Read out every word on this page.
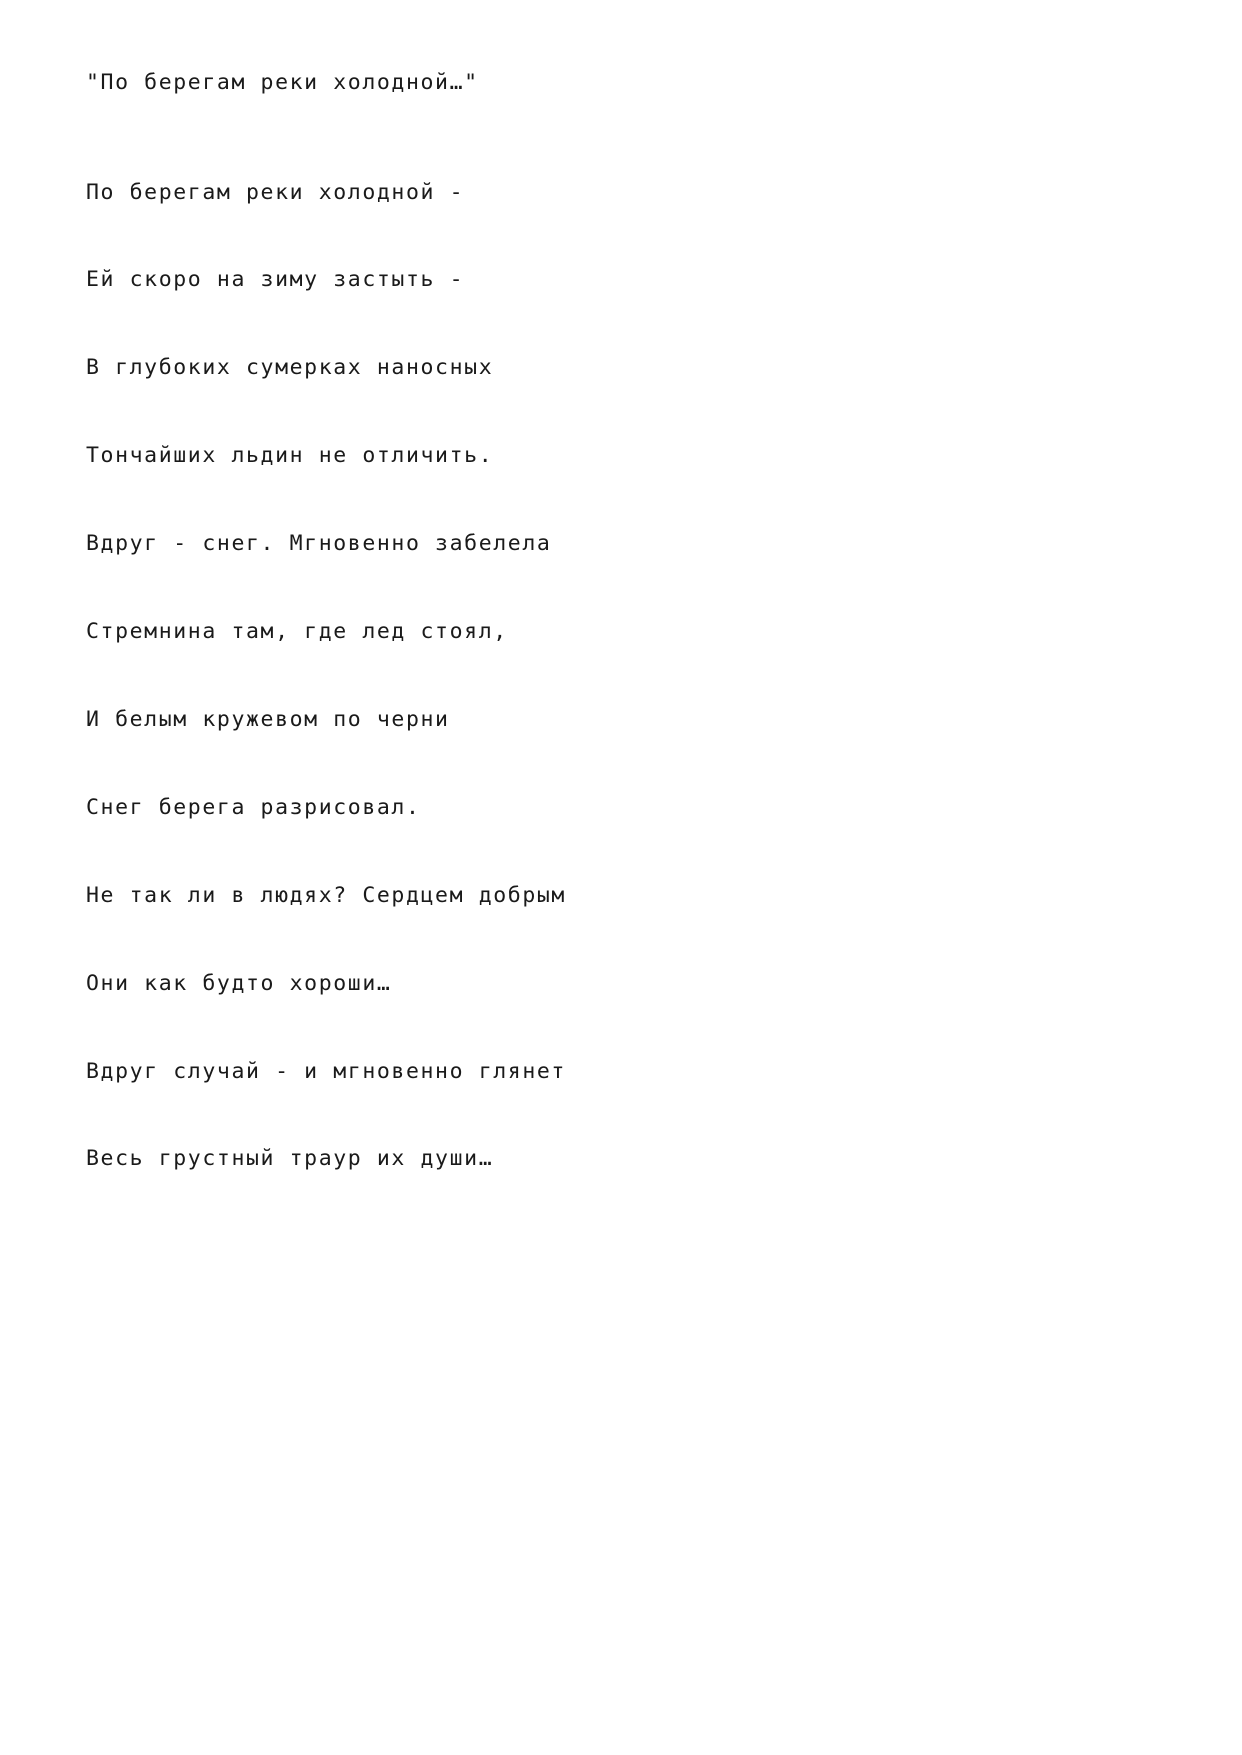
"По берегам реки холодной…"

По берегам реки холодной -

Ей скоро на зиму застыть -

В глубоких сумерках наносных

Тончайших льдин не отличить.

Вдруг - снег. Мгновенно забелела

Стремнина там, где лед стоял,

И белым кружевом по черни

Снег берега разрисовал.

Не так ли в людях? Сердцем добрым

Они как будто хороши…

Вдруг случай - и мгновенно глянет

Весь грустный траур их души…
